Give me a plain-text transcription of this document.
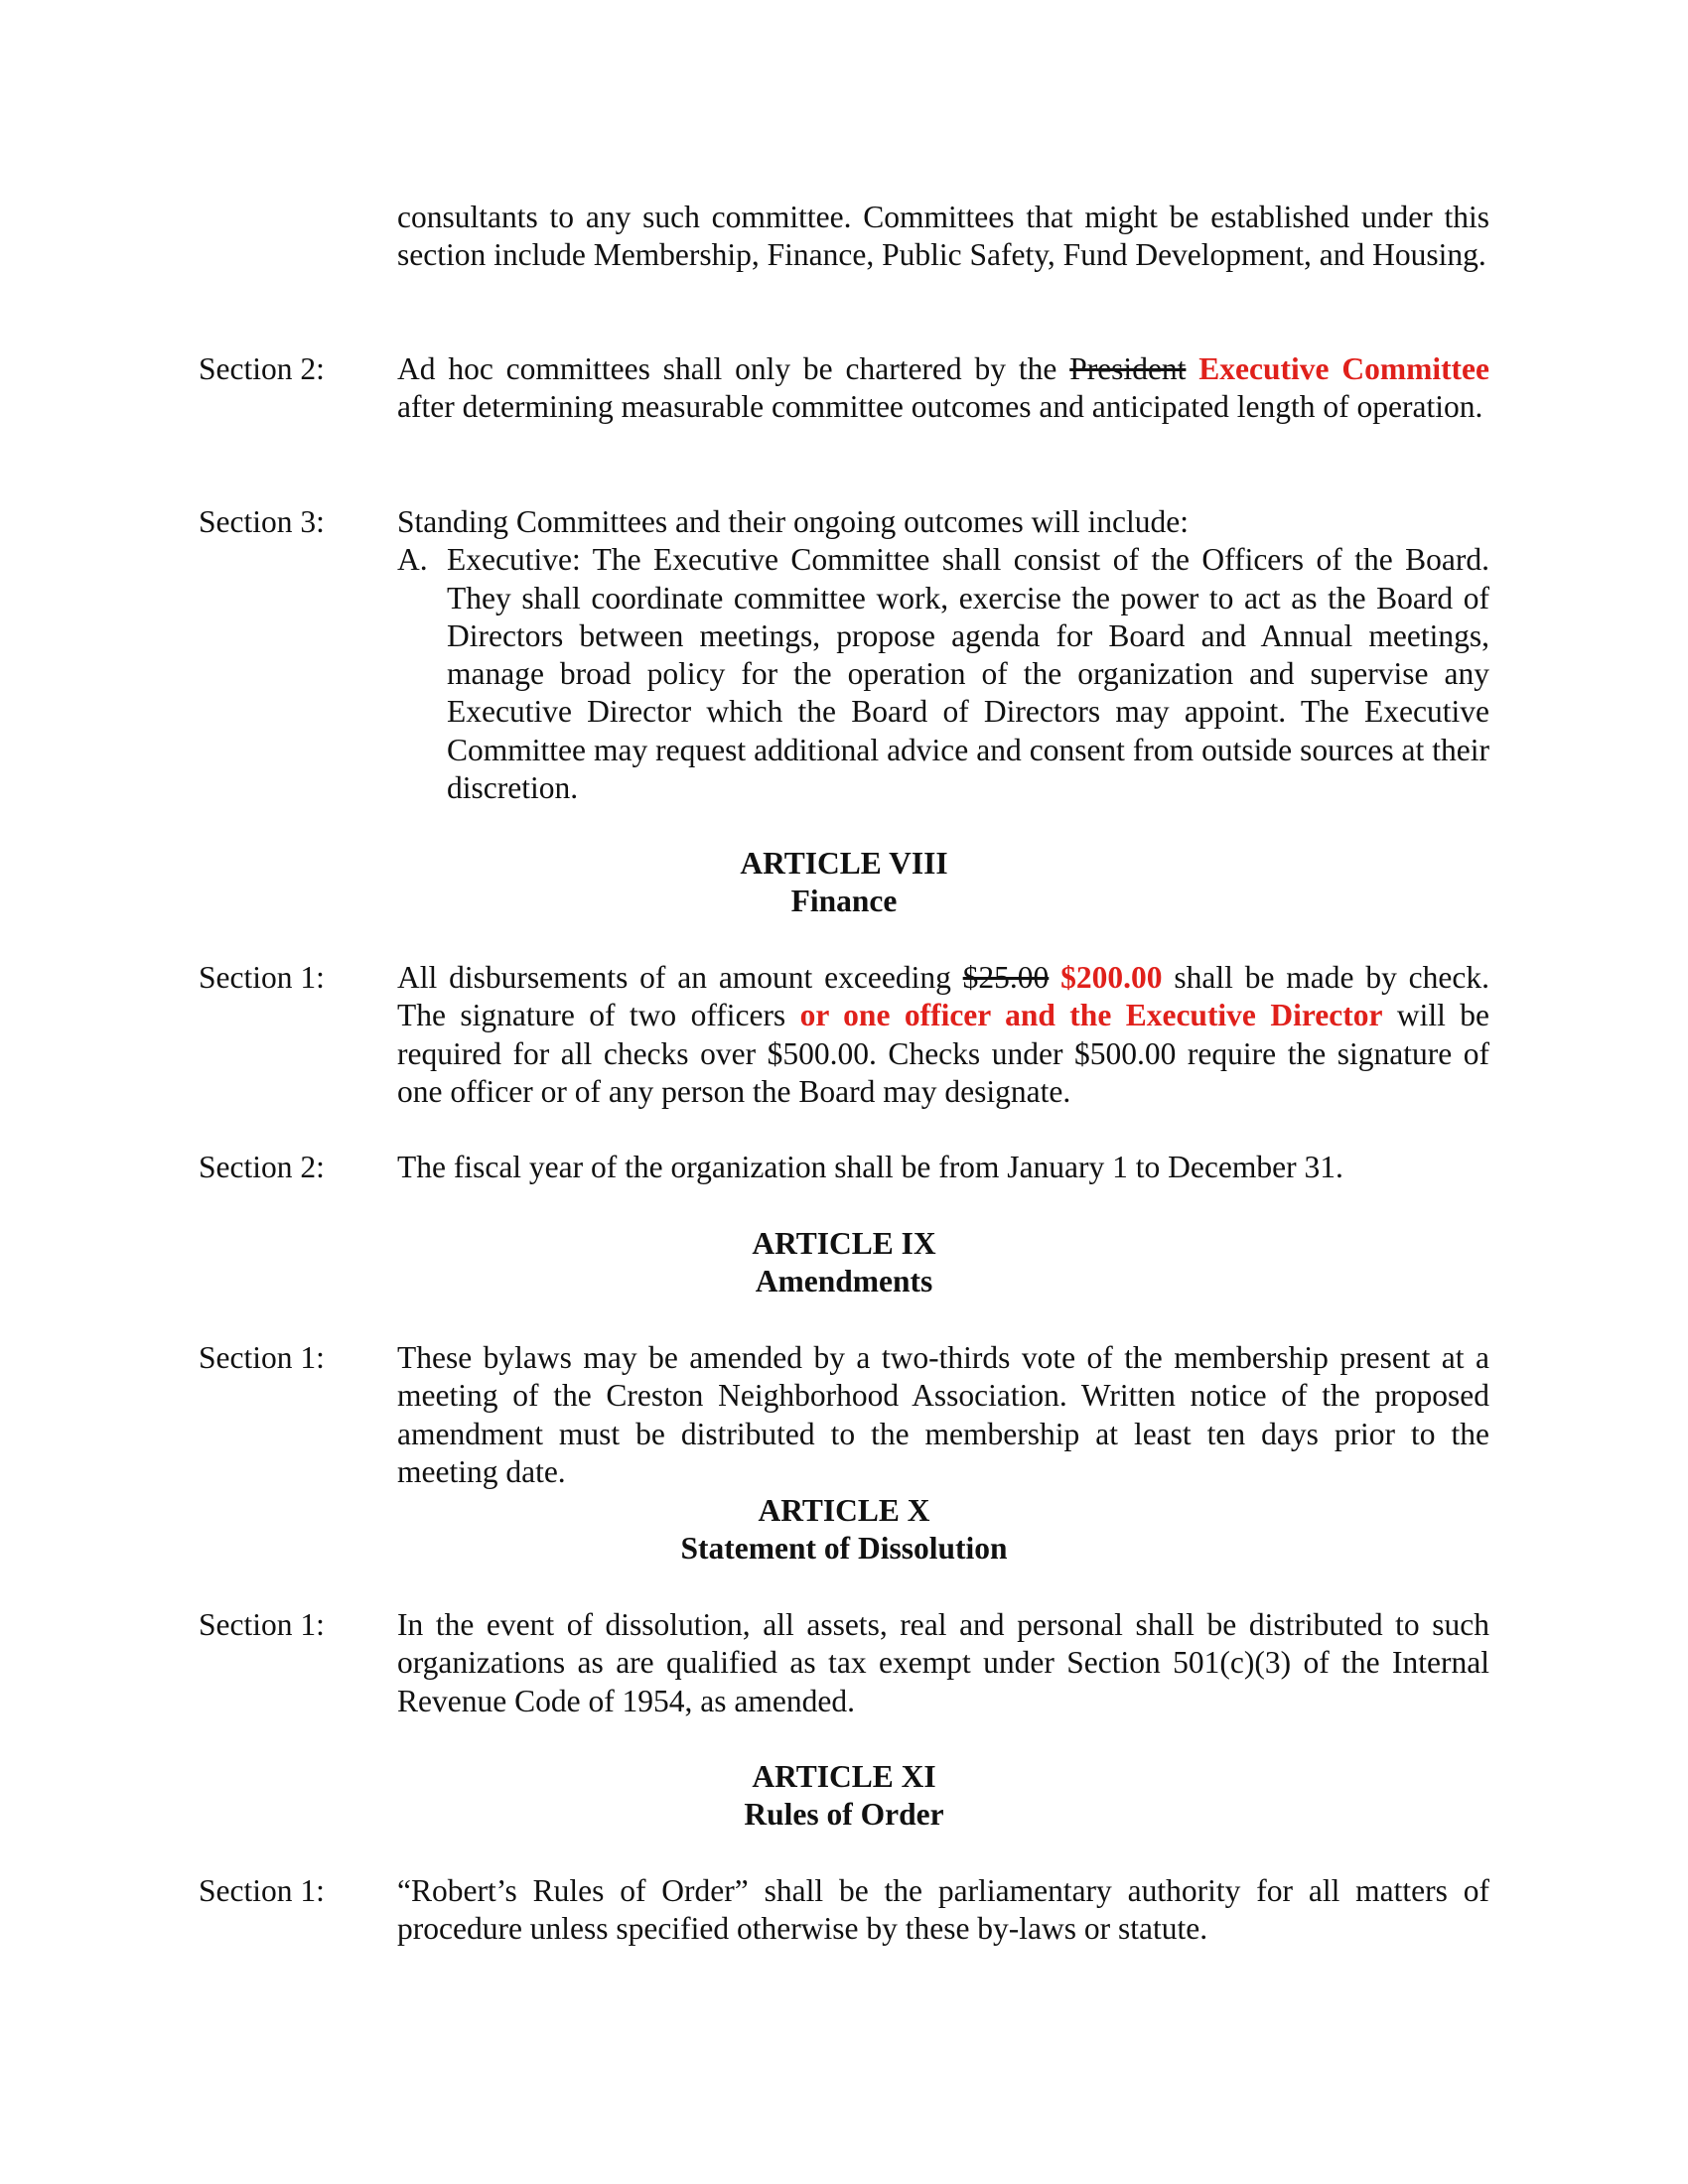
consultants to any such committee. Committees that might be established under this section include Membership, Finance, Public Safety, Fund Development, and Housing.
Section 2:	Ad hoc committees shall only be chartered by the President Executive Committee after determining measurable committee outcomes and anticipated length of operation.
Section 3:	Standing Committees and their ongoing outcomes will include:
A. Executive: The Executive Committee shall consist of the Officers of the Board. They shall coordinate committee work, exercise the power to act as the Board of Directors between meetings, propose agenda for Board and Annual meetings, manage broad policy for the operation of the organization and supervise any Executive Director which the Board of Directors may appoint. The Executive Committee may request additional advice and consent from outside sources at their discretion.
ARTICLE VIII
Finance
Section 1:	All disbursements of an amount exceeding $25.00 $200.00 shall be made by check. The signature of two officers or one officer and the Executive Director will be required for all checks over $500.00. Checks under $500.00 require the signature of one officer or of any person the Board may designate.
Section 2:	The fiscal year of the organization shall be from January 1 to December 31.
ARTICLE IX
Amendments
Section 1:	These bylaws may be amended by a two-thirds vote of the membership present at a meeting of the Creston Neighborhood Association. Written notice of the proposed amendment must be distributed to the membership at least ten days prior to the meeting date.
ARTICLE X
Statement of Dissolution
Section 1:	In the event of dissolution, all assets, real and personal shall be distributed to such organizations as are qualified as tax exempt under Section 501(c)(3) of the Internal Revenue Code of 1954, as amended.
ARTICLE XI
Rules of Order
Section 1:	“Robert’s Rules of Order” shall be the parliamentary authority for all matters of procedure unless specified otherwise by these by-laws or statute.
